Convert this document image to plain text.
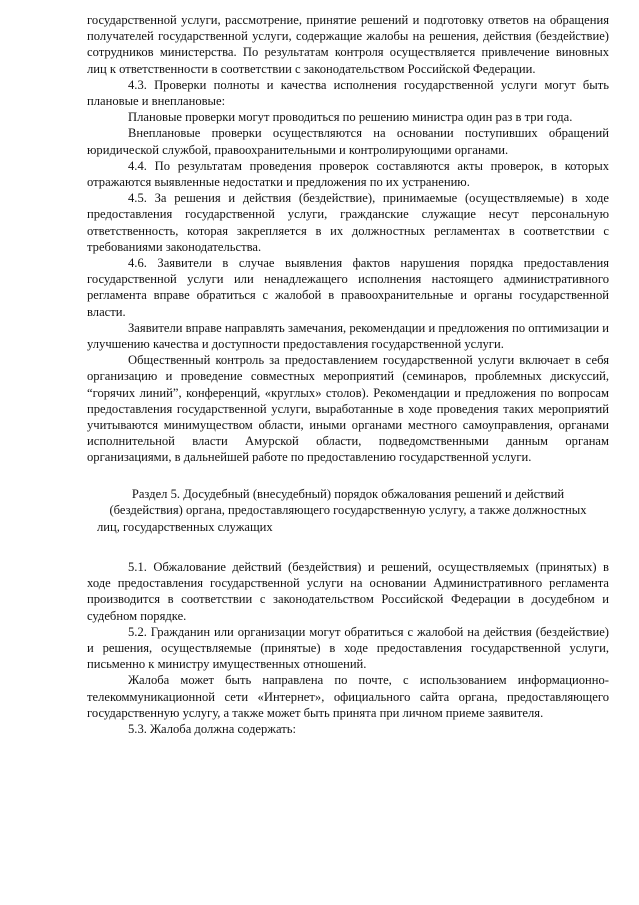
государственной услуги, рассмотрение, принятие решений и подготовку ответов на обращения получателей государственной услуги, содержащие жалобы на решения, действия (бездействие) сотрудников министерства. По результатам контроля осуществляется привлечение виновных лиц к ответственности в соответствии с законодательством Российской Федерации.

4.3. Проверки полноты и качества исполнения государственной услуги могут быть плановые и внеплановые:

Плановые проверки могут проводиться по решению министра один раз в три года.

Внеплановые проверки осуществляются на основании поступивших обращений юридической службой, правоохранительными и контролирующими органами.

4.4. По результатам проведения проверок составляются акты проверок, в которых отражаются выявленные недостатки и предложения по их устранению.

4.5. За решения и действия (бездействие), принимаемые (осуществляемые) в ходе предоставления государственной услуги, гражданские служащие несут персональную ответственность, которая закрепляется в их должностных регламентах в соответствии с требованиями законодательства.

4.6. Заявители в случае выявления фактов нарушения порядка предоставления государственной услуги или ненадлежащего исполнения настоящего административного регламента вправе обратиться с жалобой в правоохранительные и органы государственной власти.

Заявители вправе направлять замечания, рекомендации и предложения по оптимизации и улучшению качества и доступности предоставления государственной услуги.

Общественный контроль за предоставлением государственной услуги включает в себя организацию и проведение совместных мероприятий (семинаров, проблемных дискуссий, “горячих линий”, конференций, «круглых» столов). Рекомендации и предложения по вопросам предоставления государственной услуги, выработанные в ходе проведения таких мероприятий учитываются минимуществом области, иными органами местного самоуправления, органами исполнительной власти Амурской области, подведомственными данным органам организациями, в дальнейшей работе по предоставлению государственной услуги.

Раздел 5. Досудебный (внесудебный) порядок обжалования решений и действий (бездействия) органа, предоставляющего государственную услугу, а также должностных лиц, государственных служащих

5.1. Обжалование действий (бездействия) и решений, осуществляемых (принятых) в ходе предоставления государственной услуги на основании Административного регламента производится в соответствии с законодательством Российской Федерации в досудебном и судебном порядке.

5.2. Гражданин или организации могут обратиться с жалобой на действия (бездействие) и решения, осуществляемые (принятые) в ходе предоставления государственной услуги, письменно к министру имущественных отношений.

Жалоба может быть направлена по почте, с использованием информационно-телекоммуникационной сети «Интернет», официального сайта органа, предоставляющего государственную услугу, а также может быть принята при личном приеме заявителя.

5.3. Жалоба должна содержать:
